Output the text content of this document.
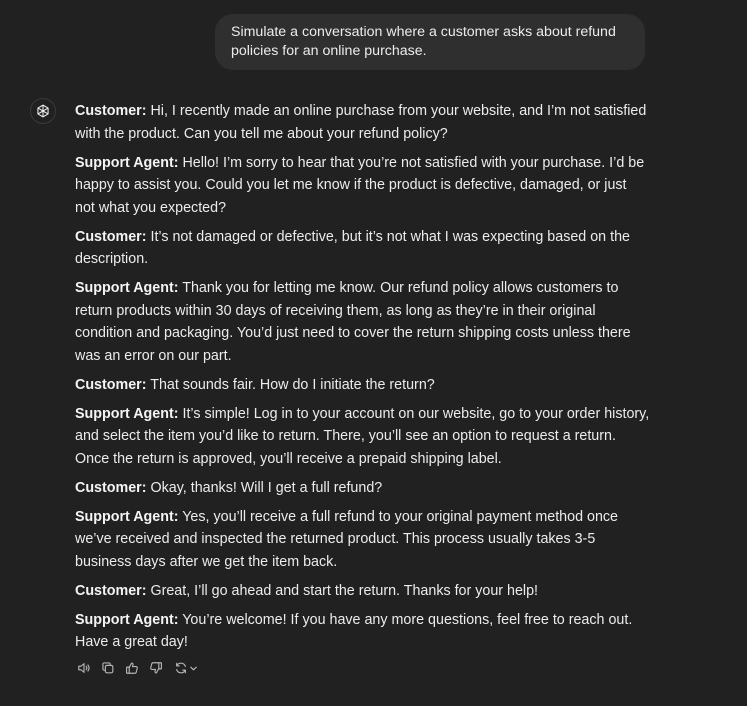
Simulate a conversation where a customer asks about refund policies for an online purchase.

Customer: Hi, I recently made an online purchase from your website, and I’m not satisfied with the product. Can you tell me about your refund policy?

Support Agent: Hello! I’m sorry to hear that you’re not satisfied with your purchase. I’d be happy to assist you. Could you let me know if the product is defective, damaged, or just not what you expected?

Customer: It’s not damaged or defective, but it’s not what I was expecting based on the description.

Support Agent: Thank you for letting me know. Our refund policy allows customers to return products within 30 days of receiving them, as long as they’re in their original condition and packaging. You’d just need to cover the return shipping costs unless there was an error on our part.

Customer: That sounds fair. How do I initiate the return?

Support Agent: It’s simple! Log in to your account on our website, go to your order history, and select the item you’d like to return. There, you’ll see an option to request a return. Once the return is approved, you’ll receive a prepaid shipping label.

Customer: Okay, thanks! Will I get a full refund?

Support Agent: Yes, you’ll receive a full refund to your original payment method once we’ve received and inspected the returned product. This process usually takes 3-5 business days after we get the item back.

Customer: Great, I’ll go ahead and start the return. Thanks for your help!

Support Agent: You’re welcome! If you have any more questions, feel free to reach out. Have a great day!
